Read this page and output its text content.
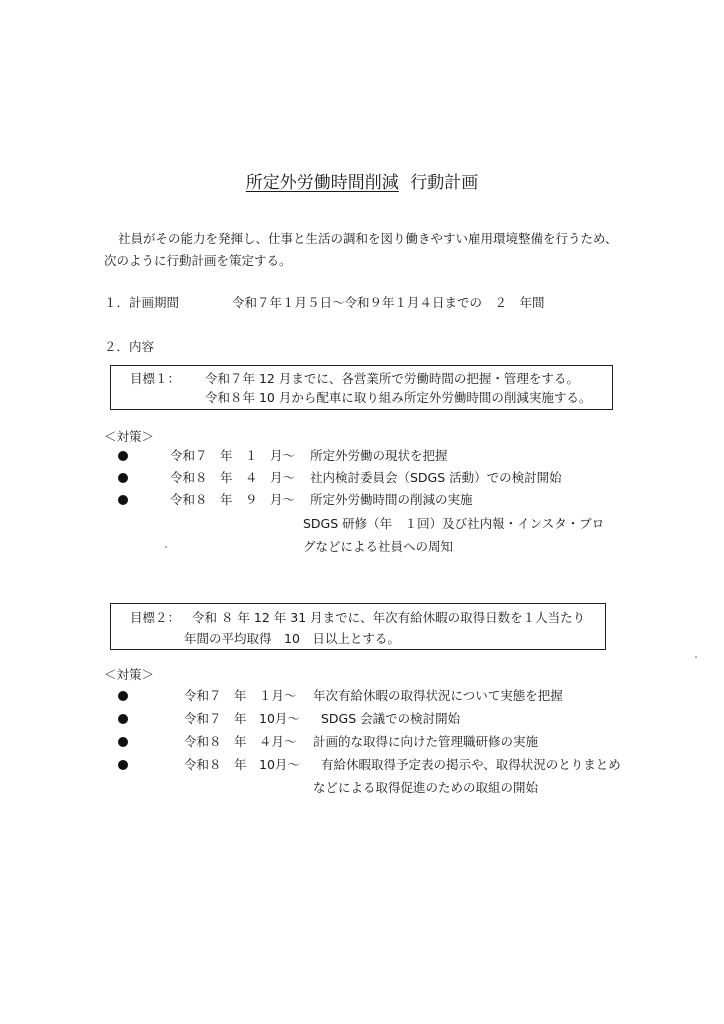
所定外労働時間削減 行動計画
社員がその能力を発揮し、仕事と生活の調和を図り働きやすい雇用環境整備を行うため、
次のように行動計画を策定する。
１．計画期間	令和７年１月５日～令和９年１月４日までの　２　年間
２．内容
目標１： 令和７年 12 月までに、各営業所で労働時間の把握・管理をする。
令和８年 10 月から配車に取り組み所定外労働時間の削減実施する。
＜対策＞
令和７　年　１　月～ 所定外労働の現状を把握
令和８　年　４　月～ 社内検討委員会（SDGS 活動）での検討開始
令和８　年　９　月～ 所定外労働時間の削減の実施
SDGS 研修（年　１回）及び社内報・インスタ・ブロ
グなどによる社員への周知
目標２： 令和 ８ 年 12 年 31 月までに、年次有給休暇の取得日数を１人当たり
年間の平均取得　10　日以上とする。
＜対策＞
令和７　年　１月～ 年次有給休暇の取得状況について実態を把握
令和７　年　10月～ SDGS 会議での検討開始
令和８　年　４月～ 計画的な取得に向けた管理職研修の実施
令和８　年　10月～ 有給休暇取得予定表の掲示や、取得状況のとりまとめ
などによる取得促進のための取組の開始
